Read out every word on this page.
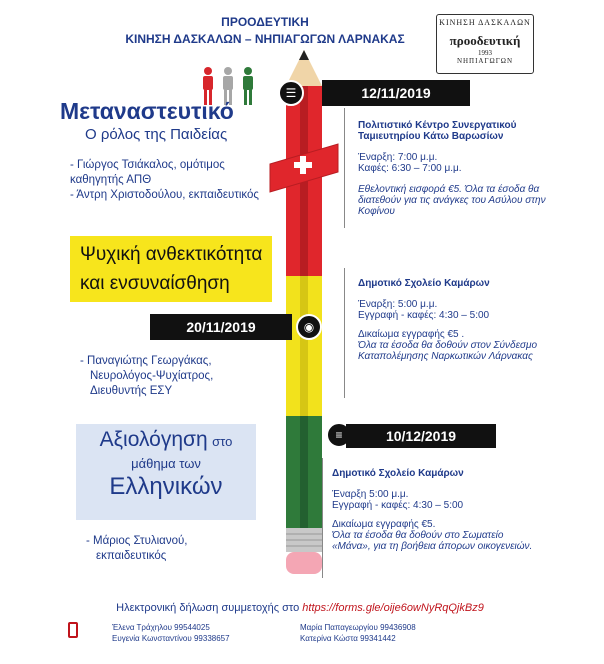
ΠΡΟΟΔΕΥΤΙΚΗ
ΚΙΝΗΣΗ ΔΑΣΚΑΛΩΝ – ΝΗΠΙΑΓΩΓΩΝ ΛΑΡΝΑΚΑΣ
ΚΙΝΗΣΗ ΔΑΣΚΑΛΩΝ
προοδευτική
1993
ΝΗΠΙΑΓΩΓΩΝ
☰	12/11/2019
Μεταναστευτικό
Ο ρόλος της Παιδείας
- Γιώργος Τσιάκαλος, ομότιμος καθηγητής ΑΠΘ
- Άντρη Χριστοδούλου, εκπαιδευτικός
Πολιτιστικό Κέντρο Συνεργατικού Ταμιευτηρίου Κάτω Βαρωσίων
Έναρξη: 7:00 μ.μ.
Καφές: 6:30 – 7:00 μ.μ.
Εθελοντική εισφορά €5. Όλα τα έσοδα θα διατεθούν για τις ανάγκες του Ασύλου στην Κοφίνου
Ψυχική ανθεκτικότητα
και ενσυναίσθηση
20/11/2019	◉
- Παναγιώτης Γεωργάκας,
Νευρολόγος-Ψυχίατρος,
Διευθυντής ΕΣΥ
Δημοτικό Σχολείο Καμάρων
Έναρξη: 5:00 μ.μ.
Εγγραφή - καφές: 4:30 – 5:00
Δικαίωμα εγγραφής €5 .
Όλα τα έσοδα θα δοθούν στον Σύνδεσμο Καταπολέμησης Ναρκωτικών Λάρνακας
Αξιολόγηση στο
μάθημα των
Ελληνικών
≡	10/12/2019
- Μάριος Στυλιανού,
εκπαιδευτικός
Δημοτικό Σχολείο Καμάρων
Έναρξη 5:00 μ.μ.
Εγγραφή - καφές: 4:30 – 5:00
Δικαίωμα εγγραφής €5.
Όλα τα έσοδα θα δοθούν στο Σωματείο «Μάνα», για τη βοήθεια άπορων οικογενειών.
Ηλεκτρονική δήλωση συμμετοχής στο https://forms.gle/oije6owNyRqQjkBz9
Έλενα Τράχηλου 99544025
Ευγενία Κωνσταντίνου 99338657
Μαρία Παπαγεωργίου 99436908
Κατερίνα Κώστα 99341442
